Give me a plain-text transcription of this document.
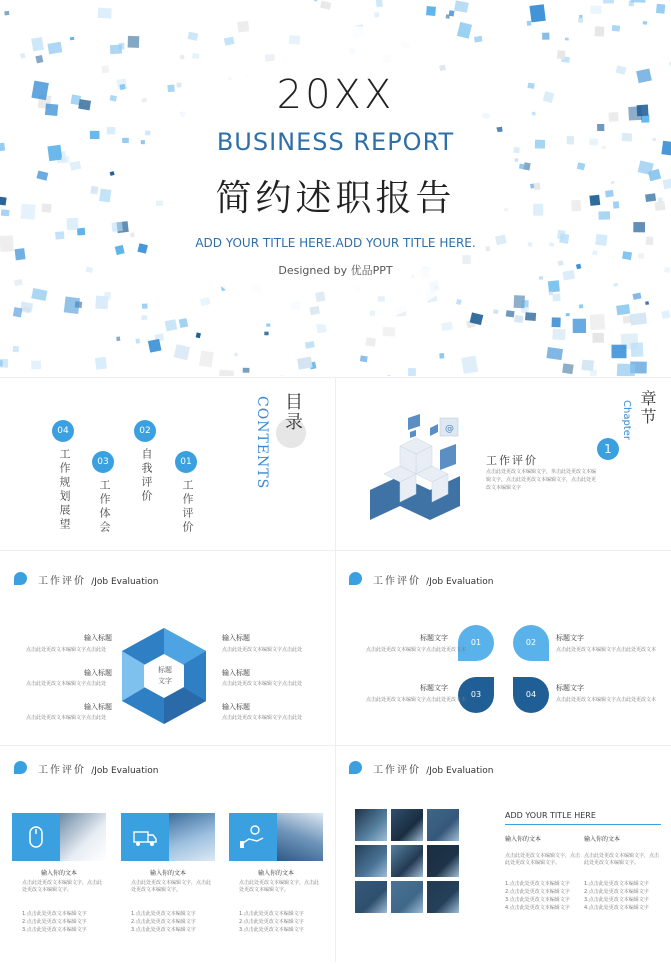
20XX
BUSINESS REPORT
简约述职报告
ADD YOUR TITLE HERE.ADD YOUR TITLE HERE.
Designed by 优品PPT
04
工作规划展望	03
工作体会
02
自我评价	01
工作评价
目录
CONTENTS	@
章节
Chapter
1
工作评价
点击此处更改文本编辑文字，单击此处更改文本编辑文字，点击此处更改文本编辑文字，点击此处更改文本编辑文字
工作评价 /Job Evaluation
标题
文字
输入标题
点击此处更改文本编辑文字点击此处
输入标题
点击此处更改文本编辑文字点击此处
输入标题
点击此处更改文本编辑文字点击此处
输入标题
点击此处更改文本编辑文字点击此处
输入标题
点击此处更改文本编辑文字点击此处
输入标题
点击此处更改文本编辑文字点击此处
工作评价 /Job Evaluation
01	02
03	04
标题文字
点击此处更改文本编辑文字点击此处更改文本
标题文字
点击此处更改文本编辑文字点击此处更改文本
标题文字
点击此处更改文本编辑文字点击此处更改文本
标题文字
点击此处更改文本编辑文字点击此处更改文本
工作评价 /Job Evaluation
输入你的文本
点击此处更改文本编辑文字，点击此处更改文本编辑文字。
1.点击此处更改文本编辑文字
2.点击此处更改文本编辑文字
3.点击此处更改文本编辑文字
输入你的文本
点击此处更改文本编辑文字，点击此处更改文本编辑文字。
1.点击此处更改文本编辑文字
2.点击此处更改文本编辑文字
3.点击此处更改文本编辑文字
输入你的文本
点击此处更改文本编辑文字，点击此处更改文本编辑文字。
1.点击此处更改文本编辑文字
2.点击此处更改文本编辑文字
3.点击此处更改文本编辑文字
工作评价 /Job Evaluation
ADD YOUR TITLE HERE
输入你的文本
点击此处更改文本编辑文字，点击此处更改文本编辑文字。
1.点击此处更改文本编辑文字
2.点击此处更改文本编辑文字
3.点击此处更改文本编辑文字
4.点击此处更改文本编辑文字
输入你的文本
点击此处更改文本编辑文字，点击此处更改文本编辑文字。
1.点击此处更改文本编辑文字
2.点击此处更改文本编辑文字
3.点击此处更改文本编辑文字
4.点击此处更改文本编辑文字
